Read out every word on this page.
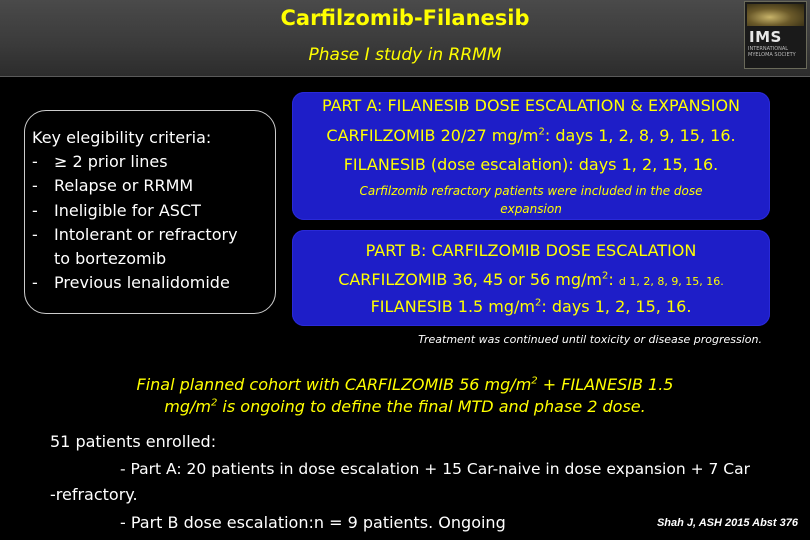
Carfilzomib-Filanesib
Phase I study in RRMM
IMS
INTERNATIONAL MYELOMA SOCIETY
Key elegibility criteria:
-	≥ 2 prior lines
-	Relapse or RRMM
-	Ineligible for ASCT
-	Intolerant or refractory
to bortezomib
-	Previous lenalidomide
PART A: FILANESIB DOSE ESCALATION & EXPANSION
CARFILZOMIB 20/27 $mg/m^2$: days 1, 2, 8, 9, 15, 16.
FILANESIB (dose escalation): days 1, 2, 15, 16.
Carfilzomib refractory patients were included in the dose
expansion
PART B: CARFILZOMIB DOSE ESCALATION
CARFILZOMIB 36, 45 or 56 $mg/m^2$: d 1, 2, 8, 9, 15, 16.
FILANESIB 1.5 $mg/m^2$: days 1, 2, 15, 16.
Treatment was continued until toxicity or disease progression.
Final planned cohort with CARFILZOMIB 56 $mg/m^2$ + FILANESIB 1.5
$mg/m^2$ is ongoing to define the final MTD and phase 2 dose.
51 patients enrolled:
- Part A: 20 patients in dose escalation + 15 Car-naive in dose expansion + 7 Car
-refractory.
- Part B dose escalation:n = 9 patients. Ongoing	Shah J, ASH 2015 Abst 376
